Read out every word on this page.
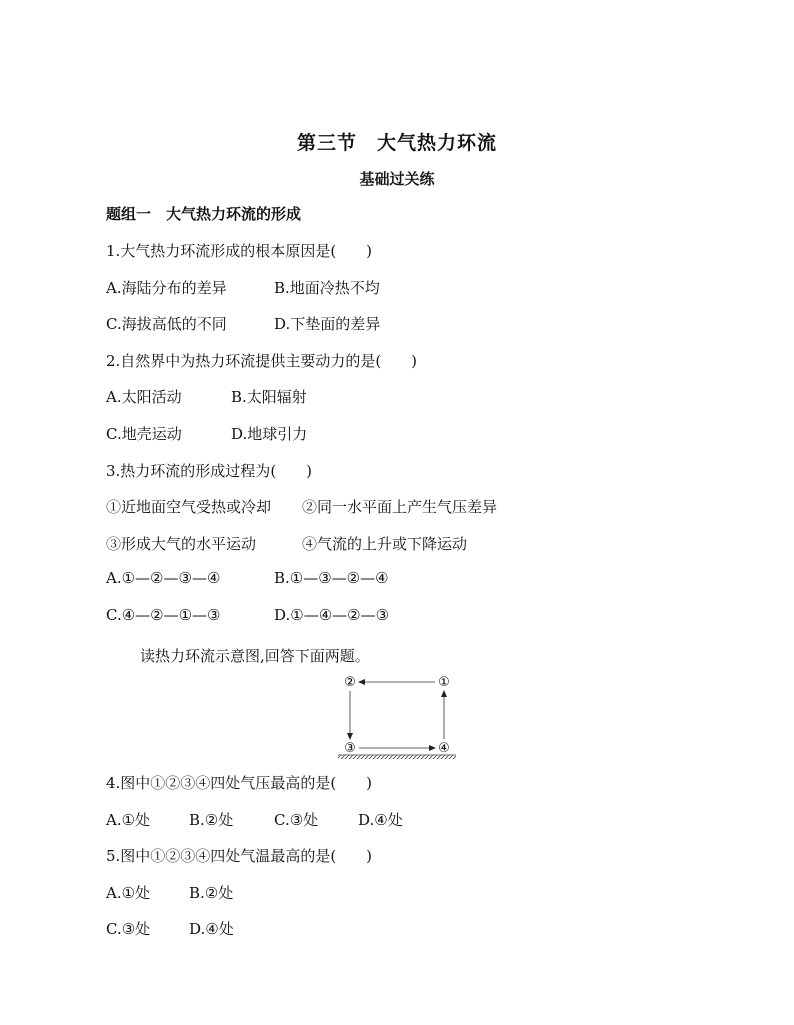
第三节　大气热力环流
基础过关练
题组一　大气热力环流的形成
1.大气热力环流形成的根本原因是(　　)
A.海陆分布的差异	B.地面冷热不均
C.海拔高低的不同	D.下垫面的差异
2.自然界中为热力环流提供主要动力的是(　　)
A.太阳活动	B.太阳辐射
C.地壳运动	D.地球引力
3.热力环流的形成过程为(　　)
①近地面空气受热或冷却 ②同一水平面上产生气压差异
③形成大气的水平运动	④气流的上升或下降运动
A.①—②—③—④	B.①—③—②—④
C.④—②—①—③	D.①—④—②—③
读热力环流示意图,回答下面两题。
②	①
③	④
4.图中①②③④四处气压最高的是(　　)
A.①处	B.②处	C.③处	D.④处
5.图中①②③④四处气温最高的是(　　)
A.①处	B.②处
C.③处	D.④处
